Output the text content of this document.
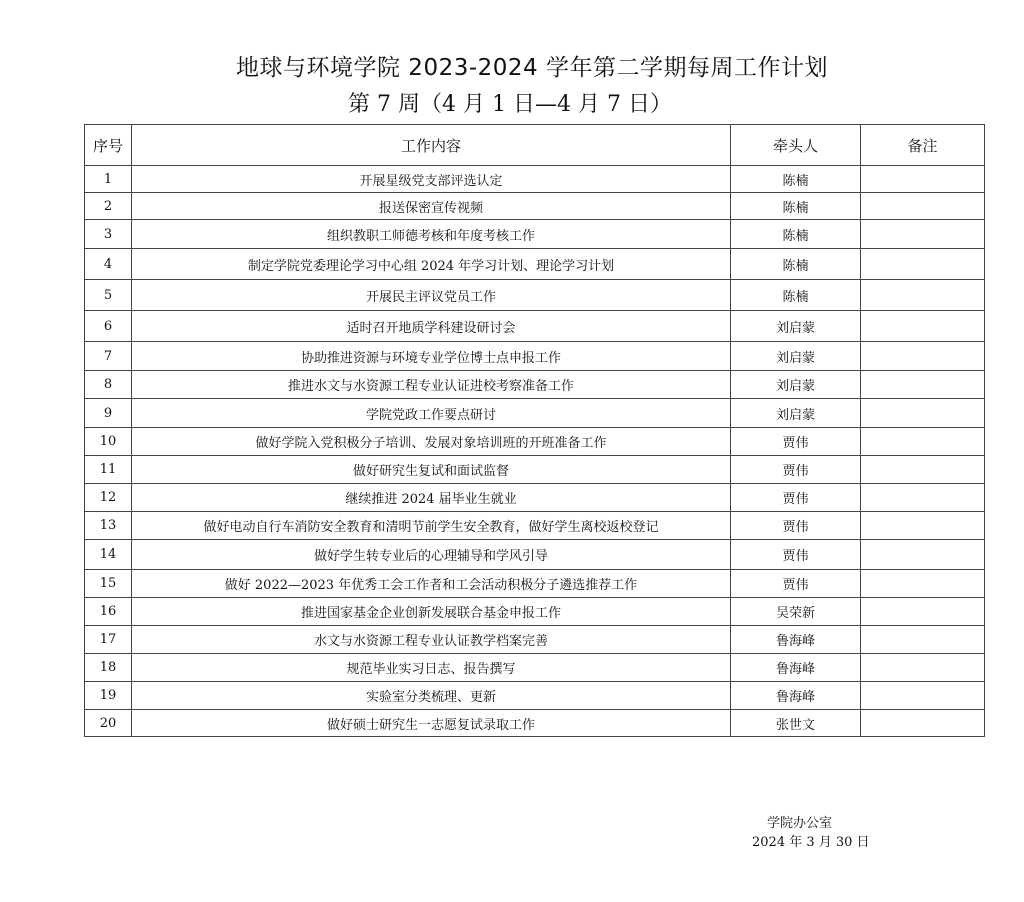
地球与环境学院 2023-2024 学年第二学期每周工作计划
第 7 周（4 月 1 日—4 月 7 日）
序号	工作内容	牵头人	备注
1	开展星级党支部评选认定	陈楠	
2	报送保密宣传视频	陈楠	
3	组织教职工师德考核和年度考核工作	陈楠	
4	制定学院党委理论学习中心组 2024 年学习计划、理论学习计划	陈楠	
5	开展民主评议党员工作	陈楠	
6	适时召开地质学科建设研讨会	刘启蒙	
7	协助推进资源与环境专业学位博士点申报工作	刘启蒙	
8	推进水文与水资源工程专业认证进校考察准备工作	刘启蒙	
9	学院党政工作要点研讨	刘启蒙	
10	做好学院入党积极分子培训、发展对象培训班的开班准备工作	贾伟	
11	做好研究生复试和面试监督	贾伟	
12	继续推进 2024 届毕业生就业	贾伟	
13	做好电动自行车消防安全教育和清明节前学生安全教育，做好学生离校返校登记	贾伟	
14	做好学生转专业后的心理辅导和学风引导	贾伟	
15	做好 2022—2023 年优秀工会工作者和工会活动积极分子遴选推荐工作	贾伟	
16	推进国家基金企业创新发展联合基金申报工作	吴荣新	
17	水文与水资源工程专业认证教学档案完善	鲁海峰	
18	规范毕业实习日志、报告撰写	鲁海峰	
19	实验室分类梳理、更新	鲁海峰	
20	做好硕士研究生一志愿复试录取工作	张世文	
学院办公室
2024 年 3 月 30 日
